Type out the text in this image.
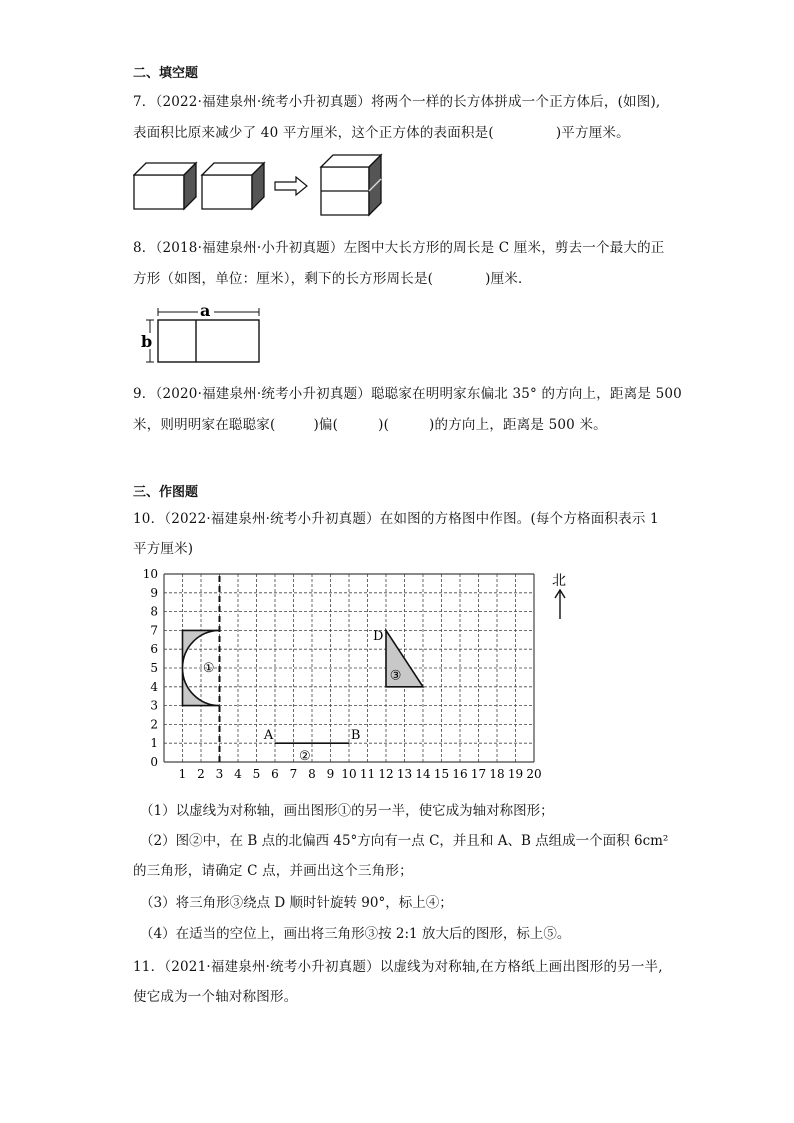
二、填空题
7．（2022·福建泉州·统考小升初真题）将两个一样的长方体拼成一个正方体后，(如图),
表面积比原来减少了 40 平方厘米，这个正方体的表面积是(	)平方厘米。
8．（2018·福建泉州·小升初真题）左图中大长方形的周长是 C 厘米，剪去一个最大的正
方形（如图，单位：厘米），剩下的长方形周长是(	)厘米．
a
b
9．（2020·福建泉州·统考小升初真题）聪聪家在明明家东偏北 35° 的方向上，距离是 500
米，则明明家在聪聪家(	)偏(	)(	)的方向上，距离是 500 米。
三、作图题
10．（2022·福建泉州·统考小升初真题）在如图的方格图中作图。(每个方格面积表示 1
平方厘米)
1 2 3 4 5 6 7 8 9 10 11 12 13 14 15 16 17 18 19 20
0
1
2
3
4
5
6
7
8
9
10
①
A	B
②
D
③
北
（1）以虚线为对称轴，画出图形①的另一半，使它成为轴对称图形；
（2）图②中，在 B 点的北偏西 45°方向有一点 C，并且和 A、B 点组成一个面积 6cm²
的三角形，请确定 C 点，并画出这个三角形；
（3）将三角形③绕点 D 顺时针旋转 90°，标上④；
（4）在适当的空位上，画出将三角形③按 2:1 放大后的图形，标上⑤。
11．（2021·福建泉州·统考小升初真题）以虚线为对称轴,在方格纸上画出图形的另一半,
使它成为一个轴对称图形。
